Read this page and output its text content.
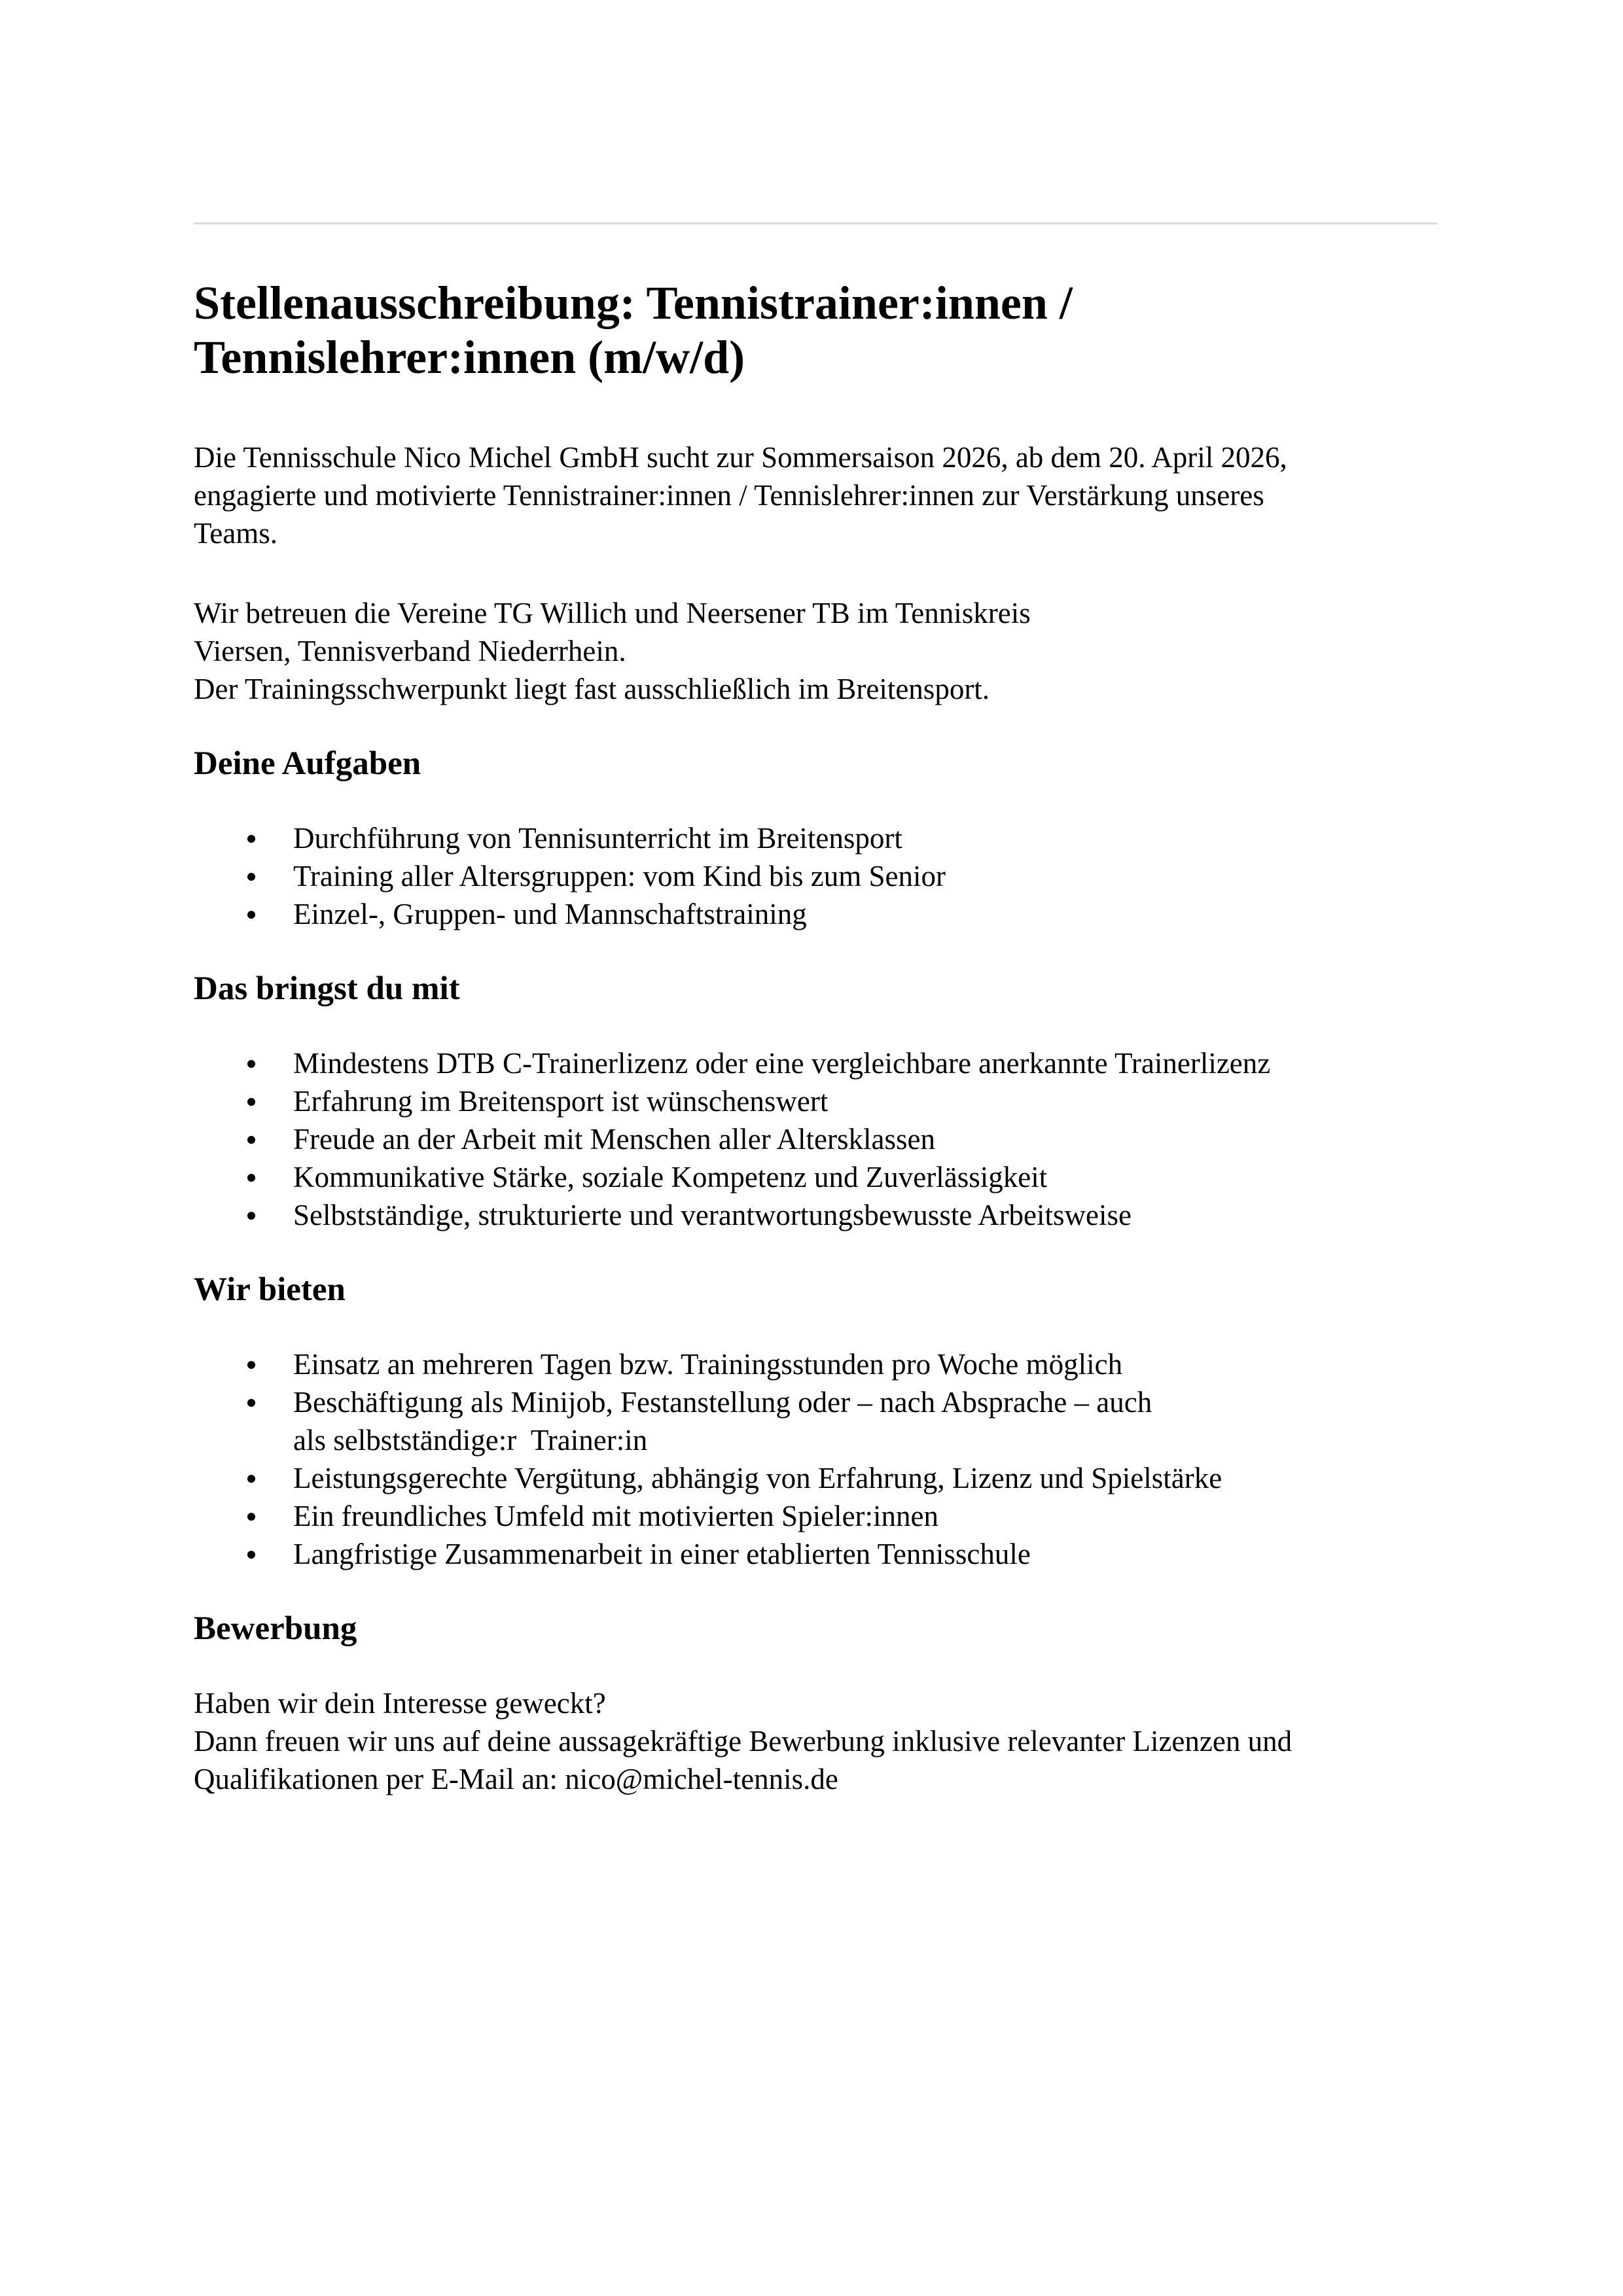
Stellenausschreibung: Tennistrainer:innen /
Tennislehrer:innen (m/w/d)

Die Tennisschule Nico Michel GmbH sucht zur Sommersaison 2026, ab dem 20. April 2026,
engagierte und motivierte Tennistrainer:innen / Tennislehrer:innen zur Verstärkung unseres
Teams.

Wir betreuen die Vereine TG Willich und Neersener TB im Tenniskreis
Viersen, Tennisverband Niederrhein.
Der Trainingsschwerpunkt liegt fast ausschließlich im Breitensport.

Deine Aufgaben
Durchführung von Tennisunterricht im Breitensport
Training aller Altersgruppen: vom Kind bis zum Senior
Einzel-, Gruppen- und Mannschaftstraining
Das bringst du mit
Mindestens DTB C-Trainerlizenz oder eine vergleichbare anerkannte Trainerlizenz
Erfahrung im Breitensport ist wünschenswert
Freude an der Arbeit mit Menschen aller Altersklassen
Kommunikative Stärke, soziale Kompetenz und Zuverlässigkeit
Selbstständige, strukturierte und verantwortungsbewusste Arbeitsweise
Wir bieten
Einsatz an mehreren Tagen bzw. Trainingsstunden pro Woche möglich
Beschäftigung als Minijob, Festanstellung oder – nach Absprache – auch
als selbstständige:r  Trainer:in
Leistungsgerechte Vergütung, abhängig von Erfahrung, Lizenz und Spielstärke
Ein freundliches Umfeld mit motivierten Spieler:innen
Langfristige Zusammenarbeit in einer etablierten Tennisschule
Bewerbung

Haben wir dein Interesse geweckt?
Dann freuen wir uns auf deine aussagekräftige Bewerbung inklusive relevanter Lizenzen und
Qualifikationen per E-Mail an: nico@michel-tennis.de
